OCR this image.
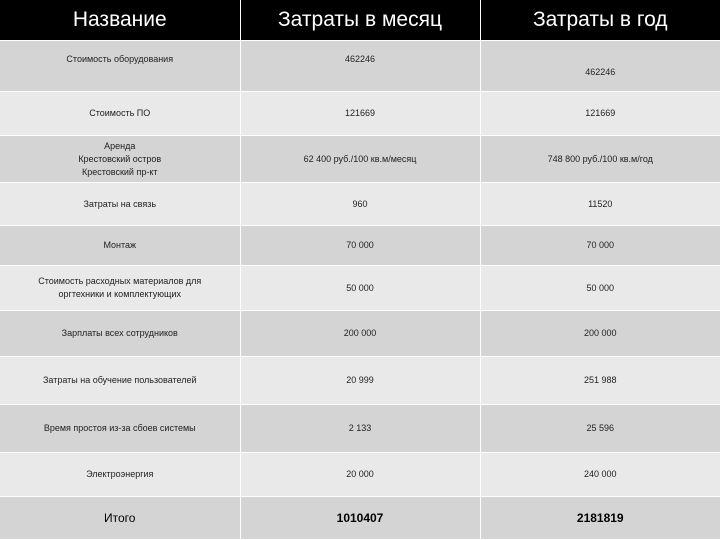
Название	Затраты в месяц	Затраты в год

Стоимость оборудования	462246	462246

Стоимость ПО	121669	121669

Аренда
Крестовский остров
Крестовский пр-кт	62 400 руб./100 кв.м/месяц	748 800 руб./100 кв.м/год

Затраты на связь	960	11520

Монтаж	70 000	70 000

Стоимость расходных материалов для
оргтехники и комплектующих	50 000	50 000

Зарплаты всех сотрудников	200 000	200 000

Затраты на обучение пользователей	20 999	251 988

Время простоя из-за сбоев системы	2 133	25 596

Электроэнергия	20 000	240 000
Итого	1010407	2181819
